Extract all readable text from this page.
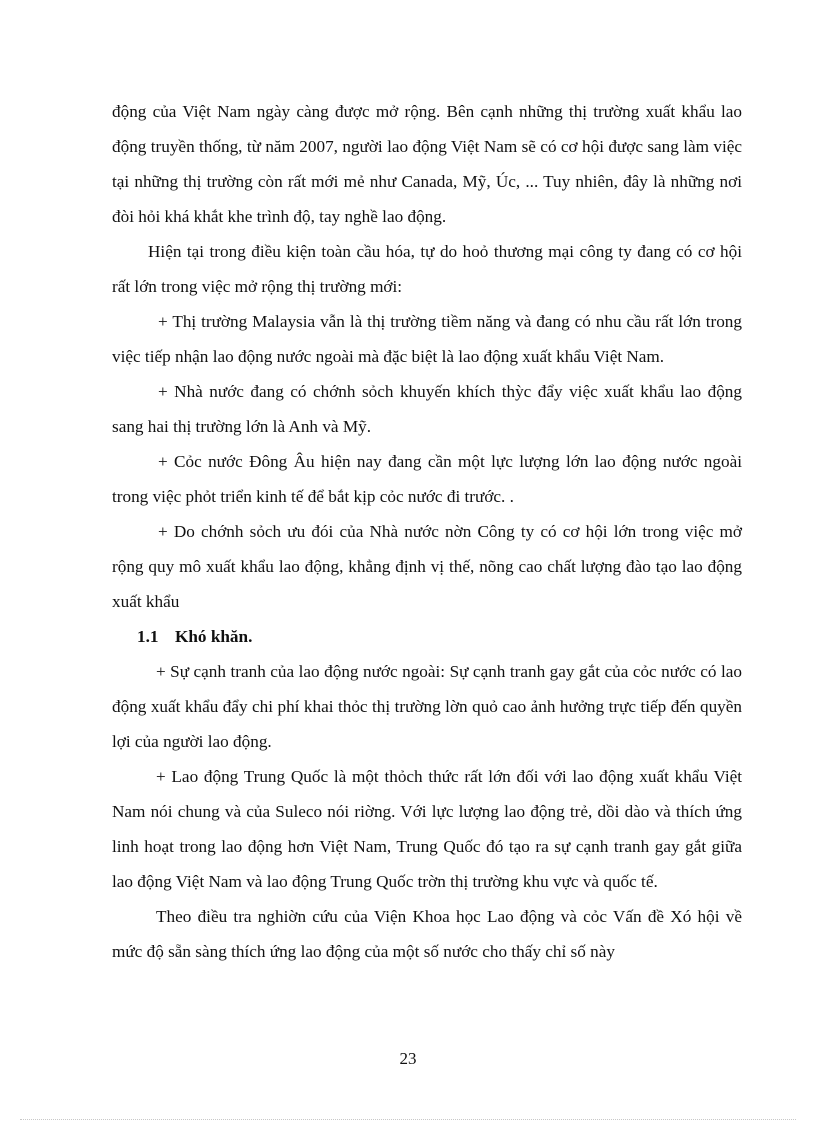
động của Việt Nam ngày càng được mở rộng. Bên cạnh những thị trường xuất khẩu lao động truyền thống, từ năm 2007, người lao động Việt Nam sẽ có cơ hội được sang làm việc tại những thị trường còn rất mới mẻ như Canada, Mỹ, Úc, ... Tuy nhiên, đây là những nơi đòi hỏi khá khắt khe trình độ, tay nghề lao động.

Hiện tại trong điều kiện toàn cầu hóa, tự do hoỏ thương mại công ty đang có cơ hội rất lớn trong việc mở rộng thị trường mới:

+ Thị trường Malaysia vẫn là thị trường tiềm năng và đang có nhu cầu rất lớn trong việc tiếp nhận lao động nước ngoài mà đặc biệt là lao động xuất khẩu Việt Nam.

+ Nhà nước đang có chớnh sỏch khuyến khích thỳc đẩy việc xuất khẩu lao động sang hai thị trường lớn là Anh và Mỹ.

+ Cỏc nước Đông Âu hiện nay đang cần một lực lượng lớn lao động nước ngoài trong việc phỏt triển kinh tế để bắt kịp cỏc nước đi trước. .

+ Do chớnh sỏch ưu đói của Nhà nước nờn Công ty có cơ hội lớn trong việc mở rộng quy mô xuất khẩu lao động, khẳng định vị thế, nõng cao chất lượng đào tạo lao động xuất khẩu

1.1 Khó khăn.

+ Sự cạnh tranh của lao động nước ngoài: Sự cạnh tranh gay gắt của cỏc nước có lao động xuất khẩu đẩy chi phí khai thỏc thị trường lờn quỏ cao ảnh hưởng trực tiếp đến quyền lợi của người lao động.

+ Lao động Trung Quốc là một thỏch thức rất lớn đối với lao động xuất khẩu Việt Nam nói chung và của Suleco nói riờng. Với lực lượng lao động trẻ, dồi dào và thích ứng linh hoạt trong lao động hơn Việt Nam, Trung Quốc đó tạo ra sự cạnh tranh gay gắt giữa lao động Việt Nam và lao động Trung Quốc trờn thị trường khu vực và quốc tế.

Theo điều tra nghiờn cứu của Viện Khoa học Lao động và cỏc Vấn đề Xó hội về mức độ sẵn sàng thích ứng lao động của một số nước cho thấy chỉ số này

23
